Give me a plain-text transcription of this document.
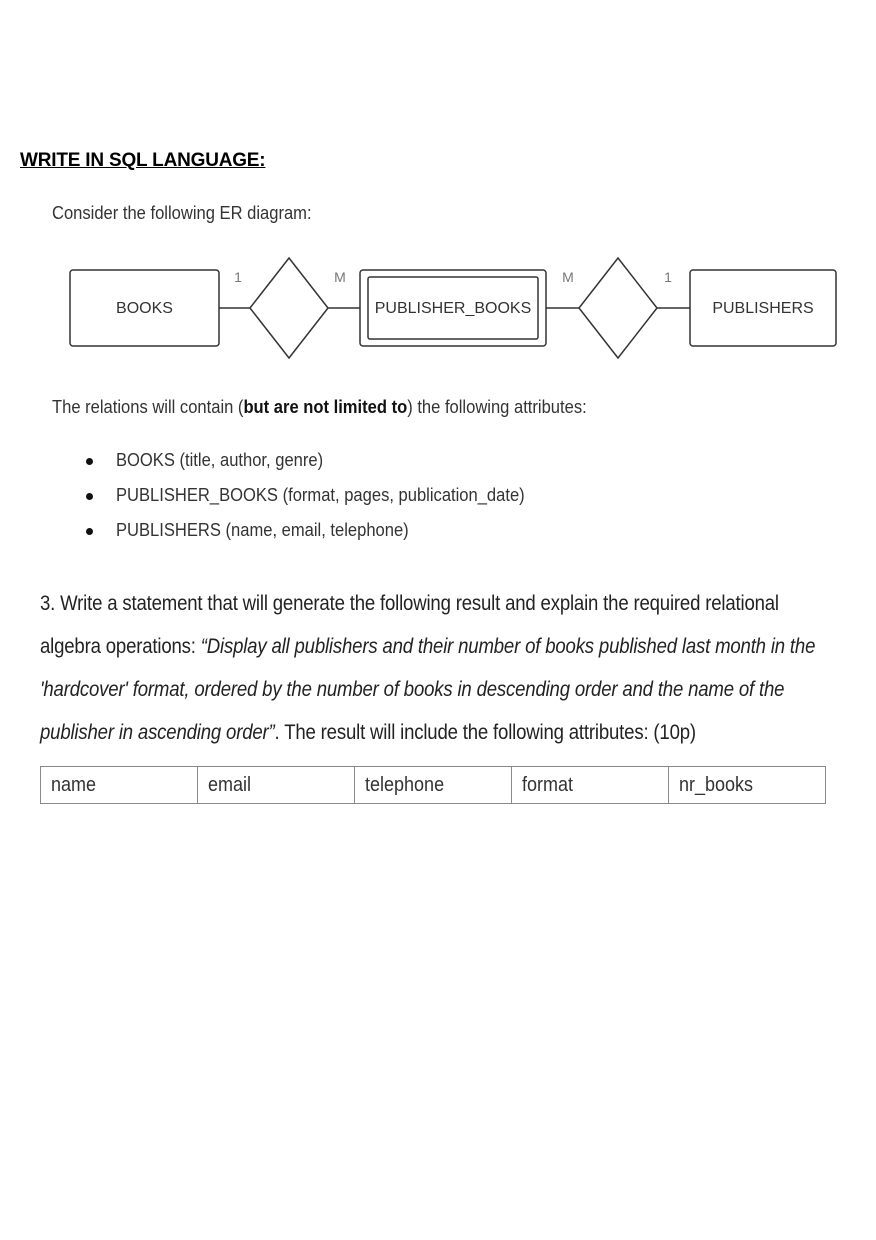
WRITE IN SQL LANGUAGE:
Consider the following ER diagram:
BOOKS
1	M
PUBLISHER_BOOKS
M	1
PUBLISHERS
The relations will contain (but are not limited to) the following attributes:
BOOKS (title, author, genre)
PUBLISHER_BOOKS (format, pages, publication_date)
PUBLISHERS (name, email, telephone)
3. Write a statement that will generate the following result and explain the required relational algebra operations: “Display all publishers and their number of books published last month in the 'hardcover' format, ordered by the number of books in descending order and the name of the publisher in ascending order”. The result will include the following attributes: (10p)
name	email	telephone	format	nr_books
